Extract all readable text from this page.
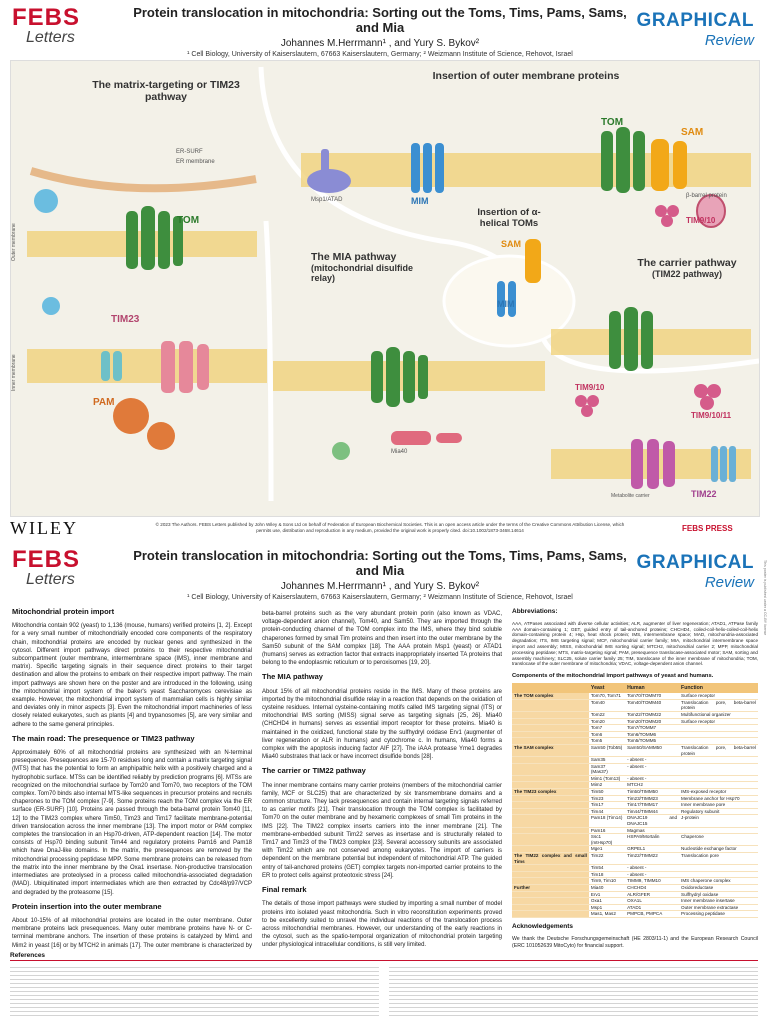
FEBS
Letters
Protein translocation in mitochondria: Sorting out the Toms, Tims, Pams, Sams, and Mia
Johannes M.Herrmann¹ , and Yury S. Bykov²
¹ Cell Biology, University of Kaiserslautern, 67663 Kaiserslautern, Germany; ² Weizmann Institute of Science, Rehovot, Israel
GRAPHICAL
Review
The matrix-targeting or TIM23 pathway
Insertion of outer membrane proteins
Insertion of α-helical TOMs
The MIA pathway
(mitochondrial disulfide relay)
The carrier pathway
(TIM22 pathway)
TOM
TIM23
PAM
MIM
MIM
TOM
SAM
SAM
TIM9/10
β-barrel protein
Msp1/ATAD
TIM9/10
TIM9/10/11
TIM22
Metabolite carrier
Mia40
ER membrane
ER-SURF
Outer membrane
Inner membrane
WILEY	© 2023 The Authors. FEBS Letters published by John Wiley & Sons Ltd on behalf of Federation of European Biochemical Societies. This is an open access article under the terms of the Creative Commons Attribution License, which permits use, distribution and reproduction in any medium, provided the original work is properly cited. doi:10.1002/1873-3468.14614	FEBS PRESS
FEBS
Letters
Protein translocation in mitochondria: Sorting out the Toms, Tims, Pams, Sams, and Mia
Johannes M.Herrmann¹ , and Yury S. Bykov²
¹ Cell Biology, University of Kaiserslautern, 67663 Kaiserslautern, Germany; ² Weizmann Institute of Science, Rehovot, Israel
GRAPHICAL
Review
Mitochondrial protein import

Mitochondria contain 902 (yeast) to 1,136 (mouse, humans) verified proteins [1, 2]. Except for a very small number of mitochondrially encoded core components of the respiratory chain, mitochondrial proteins are encoded by nuclear genes and synthesized in the cytosol. Different import pathways direct proteins to their respective mitochondrial subcompartment (outer membrane, intermembrane space (IMS), inner membrane and matrix). Specific targeting signals in their sequence direct proteins to their target destination and allow the proteins to embark on their respective import pathway. The main import pathways are shown here on the poster and are introduced in the following, using the mitochondrial import system of the baker's yeast Saccharomyces cerevisiae as example. However, the mitochondrial import system of mammalian cells is highly similar and deviates only in minor aspects [3]. Even the mitochondrial import machineries of less closely related eukaryotes, such as plants [4] and trypanosomes [5], are very similar and adhere to the same general principles.

The main road: The presequence or TIM23 pathway

Approximately 60% of all mitochondrial proteins are synthesized with an N-terminal presequence. Presequences are 15-70 residues long and contain a matrix targeting signal (MTS) that has the potential to form an amphipathic helix with a positively charged and a hydrophobic surface. MTSs can be identified reliably by prediction programs [6]. MTSs are recognized on the mitochondrial surface by Tom20 and Tom70, two receptors of the TOM complex. Tom70 binds also internal MTS-like sequences in precursor proteins and recruits chaperones to the TOM complex [7-9]. Some proteins reach the TOM complex via the ER surface (ER-SURF) [10]. Proteins are passed through the beta-barrel protein Tom40 [11, 12] to the TIM23 complex where Tim50, Tim23 and Tim17 facilitate membrane-potential driven translocation across the inner membrane [13]. The import motor or PAM complex completes the translocation in an Hsp70-driven, ATP-dependent reaction [14]. The motor consists of Hsp70 binding subunit Tim44 and regulatory proteins Pam16 and Pam18 which have DnaJ-like domains. In the matrix, the presequences are removed by the mitochondrial processing peptidase MPP. Some membrane proteins can be released from the matrix into the inner membrane by the Oxa1 insertase. Non-productive translocation intermediates are proteolysed in a process called mitochondria-associated degradation (MAD). Ubiquitinated import intermediates which are then extracted by Cdc48/p97/VCP and degraded by the proteasome [15].

Protein insertion into the outer membrane

About 10-15% of all mitochondrial proteins are located in the outer membrane. Outer membrane proteins lack presequences. Many outer membrane proteins have N- or C-terminal membrane anchors. The insertion of these proteins is catalyzed by Mim1 and Mim2 in yeast [16] or by MTCH2 in animals [17]. The outer membrane is characterized by

beta-barrel proteins such as the very abundant protein porin (also known as VDAC, voltage-dependent anion channel), Tom40, and Sam50. They are imported through the protein-conducting channel of the TOM complex into the IMS, where they bind soluble chaperones formed by small Tim proteins and then insert into the outer membrane by the Sam50 subunit of the SAM complex [18]. The AAA protein Msp1 (yeast) or ATAD1 (humans) serves as extraction factor that extracts inappropriately inserted TA proteins that belong to the endoplasmic reticulum or to peroxisomes [19, 20].

The MIA pathway

About 15% of all mitochondrial proteins reside in the IMS. Many of these proteins are imported by the mitochondrial disulfide relay in a reaction that depends on the oxidation of cysteine residues. Internal cysteine-containing motifs called IMS targeting signal (ITS) or mitochondrial IMS sorting (MISS) signal serve as targeting signals [25, 26]. Mia40 (CHCHD4 in humans) serves as essential import receptor for these proteins. Mia40 is maintained in the oxidized, functional state by the sulfhydryl oxidase Erv1 (augmenter of liver regeneration or ALR in humans) and cytochrome c. In humans, Mia40 forms a complex with the apoptosis inducing factor AIF [27]. The iAAA protease Yme1 degrades Mia40 substrates that lack or have incorrect disulfide bonds [28].

The carrier or TIM22 pathway

The inner membrane contains many carrier proteins (members of the mitochondrial carrier family, MCF or SLC25) that are characterized by six transmembrane domains and a common structure. They lack presequences and contain internal targeting signals referred to as carrier motifs [21]. Their translocation through the TOM complex is facilitated by Tom70 on the outer membrane and by hexameric complexes of small Tim proteins in the IMS [22]. The TIM22 complex inserts carriers into the inner membrane [21]. The membrane-embedded subunit Tim22 serves as insertase and is structurally related to Tim17 and Tim23 of the TIM23 complex [23]. Several accessory subunits are associated with Tim22 which are not conserved among eukaryotes. The import of carriers is dependent on the membrane potential but independent of mitochondrial ATP. The guided entry of tail-anchored proteins (GET) complex targets non-imported carrier proteins to the ER to protect cells against proteotoxic stress [24].

Final remark

The details of those import pathways were studied by importing a small number of model proteins into isolated yeast mitochondria. Such in vitro reconstitution experiments proved to be excellently suited to unravel the individual reactions of the translocation process across mitochondrial membranes. However, our understanding of the early reactions in the cytosol, such as the spatio-temporal organization of mitochondrial protein targeting under physiological intracellular conditions, is still very limited.

Abbreviations:

AAA, ATPases associated with diverse cellular activities; ALR, augmenter of liver regeneration; ATAD1, ATPase family AAA domain-containing 1; GET, guided entry of tail-anchored proteins; CHCHD4, coiled-coil-helix-coiled-coil-helix domain-containing protein 4; Hsp, heat shock protein; IMS, intermembrane space; MAD, mitochondria-associated degradation; ITS, IMS targeting signal; MCF, mitochondrial carrier family; MIA, mitochondrial intermembrane space import and assembly; MISS, mitochondrial IMS sorting signal; MTCH2, mitochondrial carrier 2; MPP, mitochondrial processing peptidase; MTS, matrix-targeting signal; PAM, presequence translocase-associated motor; SAM, sorting and assembly machinery; SLC25, solute carrier family 25; TIM, translocase of the inner membrane of mitochondria; TOM, translocase of the outer membrane of mitochondria; VDAC, voltage-dependent anion channel.

Components of the mitochondrial import pathways of yeast and humans.
	Yeast	Human	Function
The TOM complex	Tom70, Tom71	Tom70/TOMM70	Surface receptor
	Tom40	Tom40/TOMM40	Translocation pore, beta-barrel protein
	Tom22	Tom22/TOMM22	Multifunctional organizer
	Tom20	Tom20/TOMM20	Surface receptor
	Tom7	Tom7/TOMM7	
	Tom6	Tom6/TOMM6	
	Tom5	Tom5/TOMM5	
The SAM complex	Sam50 (Tob55)	Sam50/SAMM50	Translocation pore, beta-barrel protein
	Sam35	- absent -	
	Sam37 (Mas37)	- absent -	
	Mim1 (Tom13)	- absent -	
	Mim2	MTCH2	
The TIM23 complex	Tim50	Tim50/TIMM50	IMS-exposed receptor
	Tim23	Tim23/TIMM23	Membrane anchor for Hsp70
	Tim17	Tim17/TIMM17	Inner membrane pore
	Tim44	Tim44/TIMM44	Regulatory subunit
	Pam18 (Tim14)	DNAJC19 and DNAJC15	J-protein
	Pam16	Magmas	
	Ssc1 (mtHsp70)	HSPA9/Mortalin	Chaperone
	Mge1	GRPEL1	Nucleotide exchange factor
The TIM22 complex and small Tims	Tim22	Tim22/TIMM22	Translocation pore
	Tim54	- absent -	
	Tim18	- absent -	
	Tim9, Tim10	TIMM9, TIMM10	IMS chaperone complex
Further	Mia40	CHCHD4	Oxidoreductase
	Erv1	ALR/GFER	Sulfhydryl oxidase
	Oxa1	OXA1L	Inner membrane insertase
	Msp1	ATAD1	Outer membrane extractase
	Mas1, Mas2	PMPCB, PMPCA	Processing peptidase
Acknowledgements

We thank the Deutsche Forschungsgemeinschaft (HE 2803/11-1) and the European Research Council (ERC 101052639 MitoCyto) for financial support.

References
This poster is published under a CC-BY license
